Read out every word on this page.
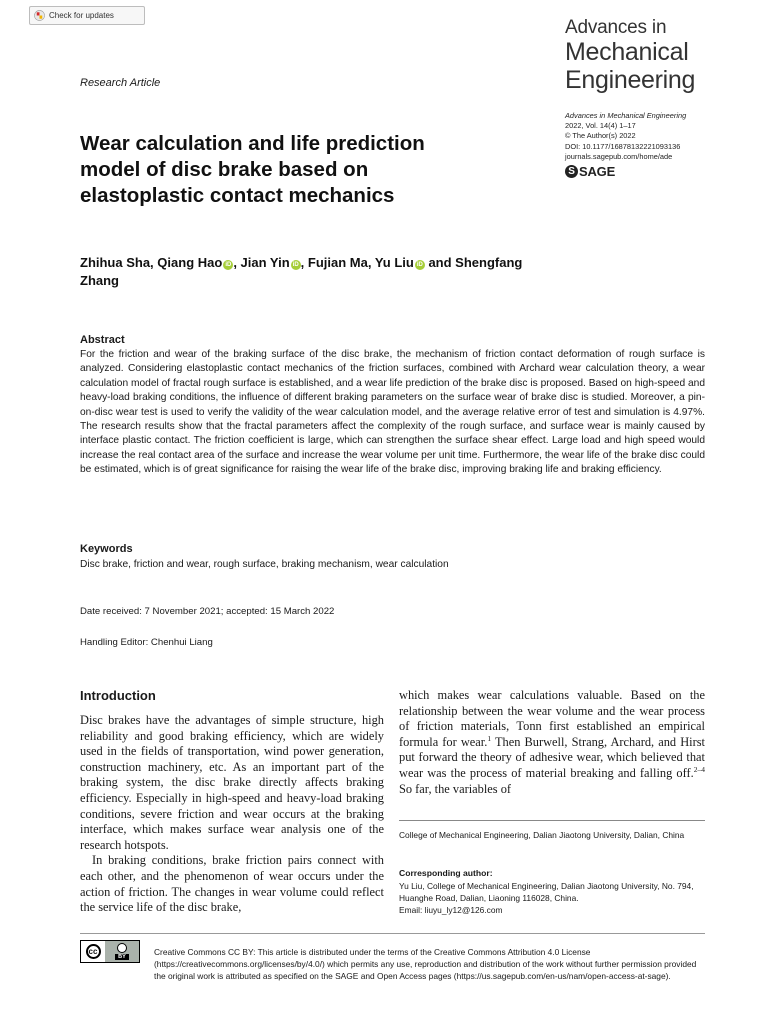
Check for updates
Advances in
Mechanical
Engineering
Research Article
Advances in Mechanical Engineering
2022, Vol. 14(4) 1–17
© The Author(s) 2022
DOI: 10.1177/16878132221093136
journals.sagepub.com/home/ade
S SAGE
Wear calculation and life prediction
model of disc brake based on
elastoplastic contact mechanics
Zhihua Sha, Qiang Hao iD , Jian Yin iD , Fujian Ma, Yu Liu iD and Shengfang
Zhang
Abstract
For the friction and wear of the braking surface of the disc brake, the mechanism of friction contact deformation of rough surface is analyzed. Considering elastoplastic contact mechanics of the friction surfaces, combined with Archard wear calculation theory, a wear calculation model of fractal rough surface is established, and a wear life prediction of the brake disc is proposed. Based on high-speed and heavy-load braking conditions, the influence of different braking parameters on the surface wear of brake disc is studied. Moreover, a pin-on-disc wear test is used to verify the validity of the wear calculation model, and the average relative error of test and simulation is 4.97%. The research results show that the fractal parameters affect the complexity of the rough surface, and surface wear is mainly caused by interface plastic contact. The friction coefficient is large, which can strengthen the surface shear effect. Large load and high speed would increase the real contact area of the surface and increase the wear volume per unit time. Furthermore, the wear life of the brake disc could be estimated, which is of great significance for raising the wear life of the brake disc, improving braking life and braking efficiency.
Keywords
Disc brake, friction and wear, rough surface, braking mechanism, wear calculation
Date received: 7 November 2021; accepted: 15 March 2022
Handling Editor: Chenhui Liang
Introduction

Disc brakes have the advantages of simple structure, high reliability and good braking efficiency, which are widely used in the fields of transportation, wind power generation, construction machinery, etc. As an important part of the braking system, the disc brake directly affects braking efficiency. Especially in high-speed and heavy-load braking conditions, severe friction and wear occurs at the braking interface, which makes surface wear analysis one of the research hotspots.

In braking conditions, brake friction pairs connect with each other, and the phenomenon of wear occurs under the action of friction. The changes in wear volume could reflect the service life of the disc brake,

which makes wear calculations valuable. Based on the relationship between the wear volume and the wear process of friction materials, Tonn first established an empirical formula for wear.$^1$ Then Burwell, Strang, Archard, and Hirst put forward the theory of adhesive wear, which believed that wear was the process of material breaking and falling off.$^{2-4}$ So far, the variables of
College of Mechanical Engineering, Dalian Jiaotong University, Dalian, China
Corresponding author:
Yu Liu, College of Mechanical Engineering, Dalian Jiaotong University, No. 794, Huanghe Road, Dalian, Liaoning 116028, China.
Email: liuyu_ly12@126.com
cc
BY	Creative Commons CC BY: This article is distributed under the terms of the Creative Commons Attribution 4.0 License (https://creativecommons.org/licenses/by/4.0/) which permits any use, reproduction and distribution of the work without further permission provided the original work is attributed as specified on the SAGE and Open Access pages (https://us.sagepub.com/en-us/nam/open-access-at-sage).
